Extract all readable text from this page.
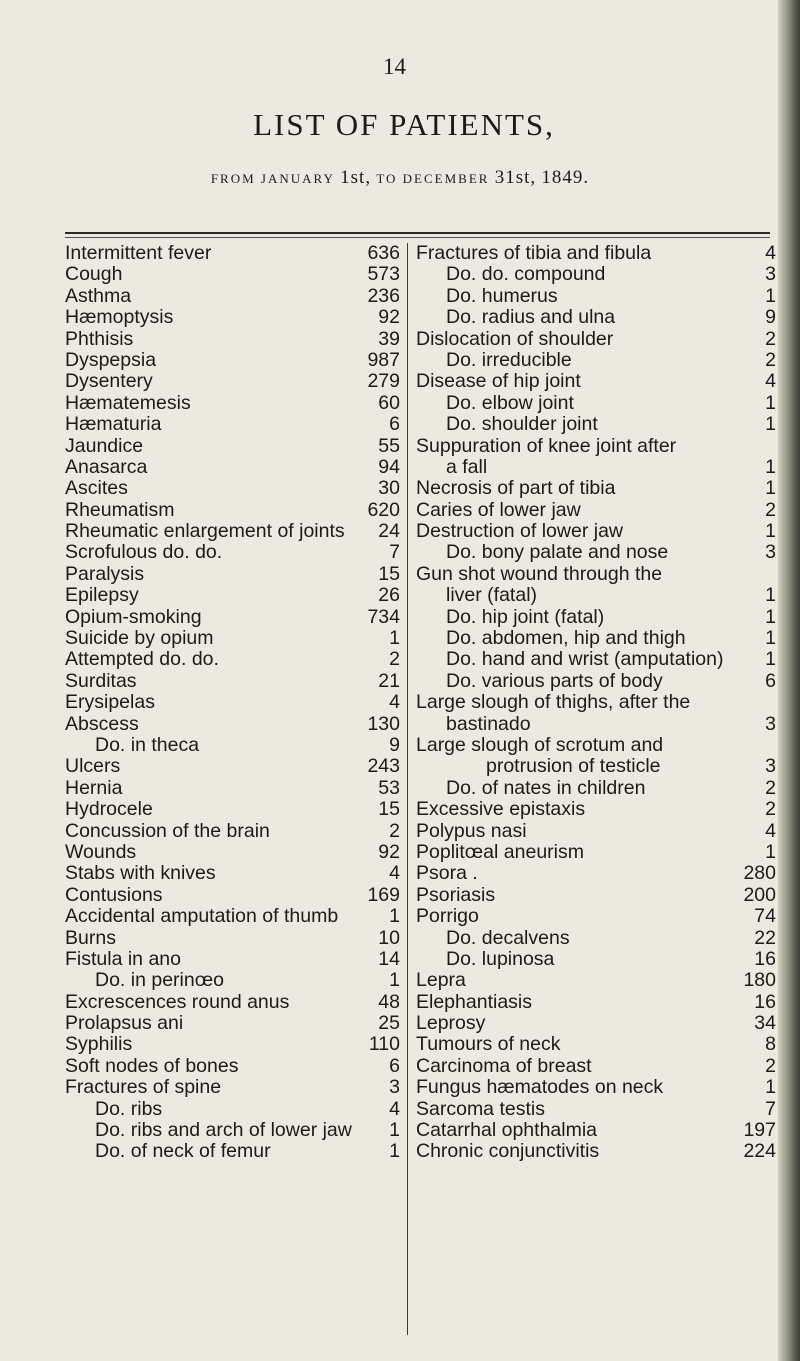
14
LIST OF PATIENTS,
FROM JANUARY 1st, TO DECEMBER 31st, 1849.
Intermittent fever	636
Cough	573
Asthma	236
Hæmoptysis	92
Phthisis	39
Dyspepsia	987
Dysentery	279
Hæmatemesis	60
Hæmaturia	6
Jaundice	55
Anasarca	94
Ascites	30
Rheumatism	620
Rheumatic enlargement of joints 24
Scrofulous do. do.	7
Paralysis	15
Epilepsy	26
Opium-smoking	734
Suicide by opium	1
Attempted do. do.	2
Surditas	21
Erysipelas	4
Abscess	130
Do. in theca	9
Ulcers	243
Hernia	53
Hydrocele	15
Concussion of the brain	2
Wounds	92
Stabs with knives	4
Contusions	169
Accidental amputation of thumb	1
Burns	10
Fistula in ano	14
Do. in perinœo	1
Excrescences round anus	48
Prolapsus ani	25
Syphilis	110
Soft nodes of bones	6
Fractures of spine	3
Do. ribs	4
Do. ribs and arch of lower jaw 1
Do. of neck of femur	1
Fractures of tibia and fibula	4
Do. do. compound	3
Do. humerus	1
Do. radius and ulna	9
Dislocation of shoulder	2
Do. irreducible	2
Disease of hip joint	4
Do. elbow joint	1
Do. shoulder joint	1
Suppuration of knee joint after
a fall	1
Necrosis of part of tibia	1
Caries of lower jaw	2
Destruction of lower jaw	1
Do. bony palate and nose	3
Gun shot wound through the
liver (fatal)	1
Do. hip joint (fatal)	1
Do. abdomen, hip and thigh	1
Do. hand and wrist (amputation) 1
Do. various parts of body	6
Large slough of thighs, after the
bastinado	3
Large slough of scrotum and
protrusion of testicle	3
Do. of nates in children	2
Excessive epistaxis	2
Polypus nasi	4
Poplitœal aneurism	1
Psora .	280
Psoriasis	200
Porrigo	74
Do. decalvens	22
Do. lupinosa	16
Lepra	180
Elephantiasis	16
Leprosy	34
Tumours of neck	8
Carcinoma of breast	2
Fungus hæmatodes on neck	1
Sarcoma testis	7
Catarrhal ophthalmia	197
Chronic conjunctivitis	224
